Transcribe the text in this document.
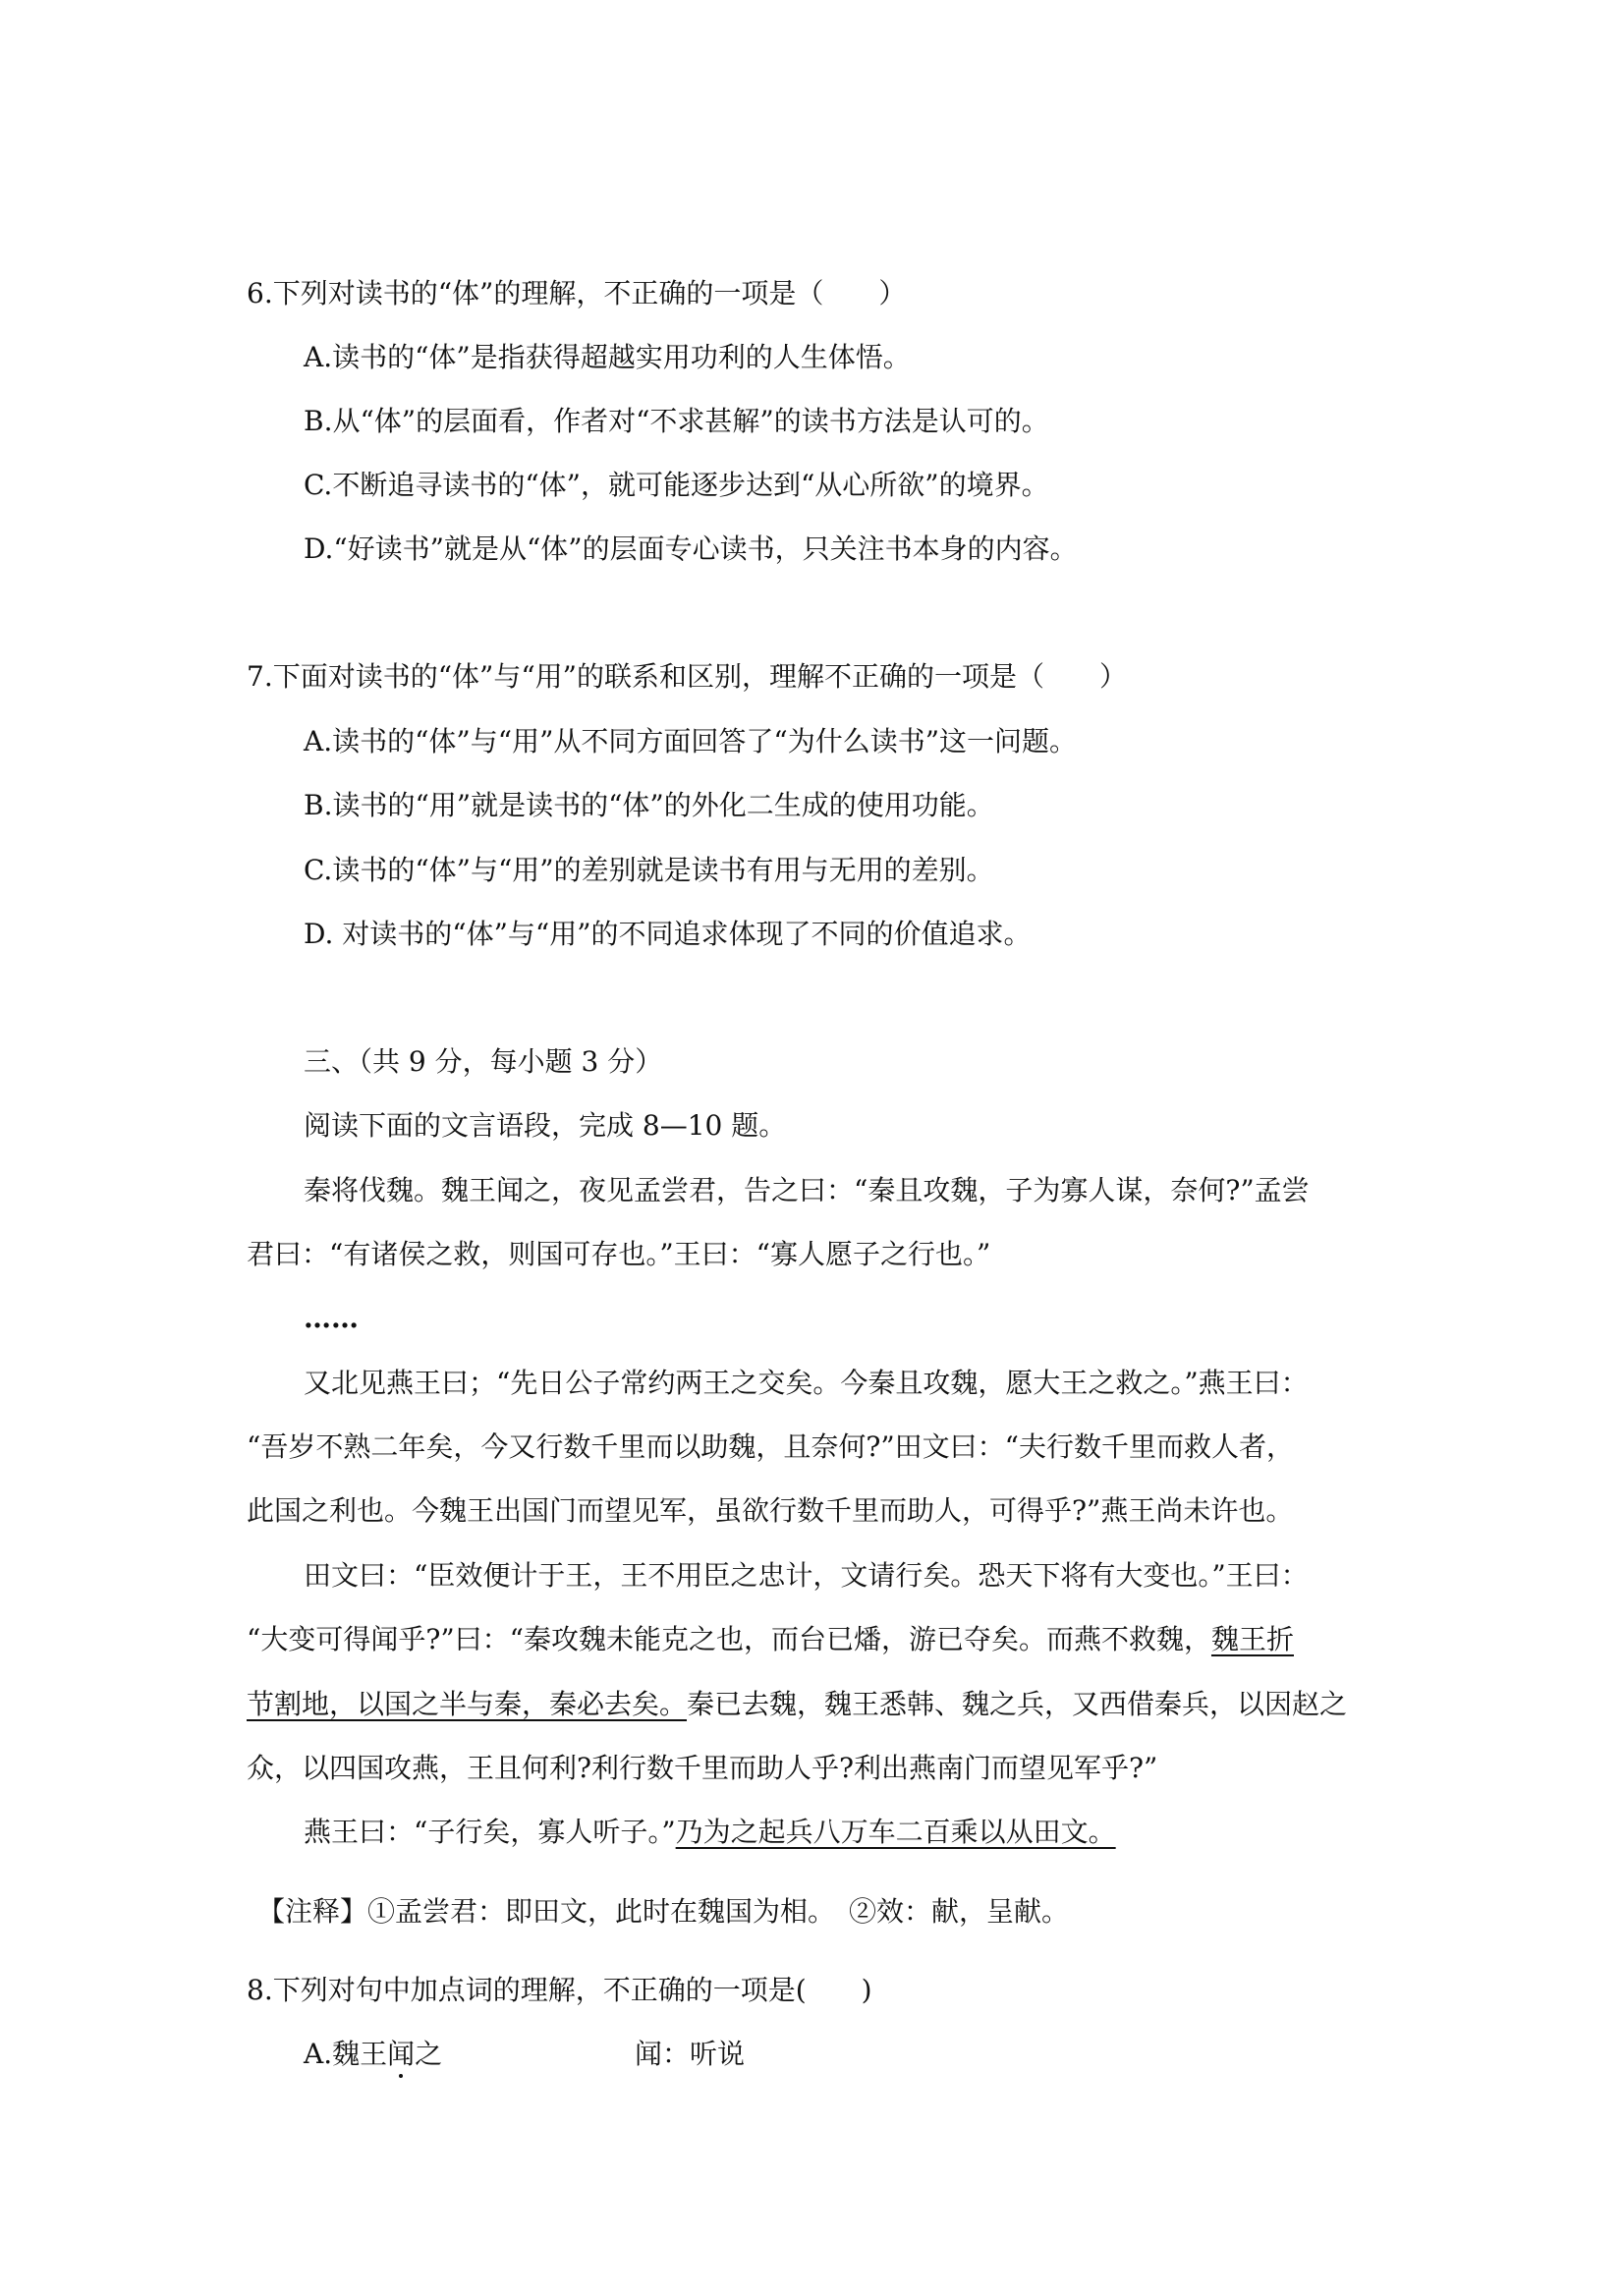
6.下列对读书的“体”的理解，不正确的一项是（　　）
A.读书的“体”是指获得超越实用功利的人生体悟。
B.从“体”的层面看，作者对“不求甚解”的读书方法是认可的。
C.不断追寻读书的“体”，就可能逐步达到“从心所欲”的境界。
D.“好读书”就是从“体”的层面专心读书，只关注书本身的内容。
7.下面对读书的“体”与“用”的联系和区别，理解不正确的一项是（　　）
A.读书的“体”与“用”从不同方面回答了“为什么读书”这一问题。
B.读书的“用”就是读书的“体”的外化二生成的使用功能。
C.读书的“体”与“用”的差别就是读书有用与无用的差别。
D. 对读书的“体”与“用”的不同追求体现了不同的价值追求。
三、（共 9 分，每小题 3 分）
阅读下面的文言语段，完成 8—10 题。
秦将伐魏。魏王闻之，夜见孟尝君，告之曰：“秦且攻魏，子为寡人谋，奈何?”孟尝
君曰：“有诸侯之救，则国可存也。”王曰：“寡人愿子之行也。”
……
又北见燕王曰；“先日公子常约两王之交矣。今秦且攻魏，愿大王之救之。”燕王曰：
“吾岁不熟二年矣，今又行数千里而以助魏，且奈何?”田文曰：“夫行数千里而救人者，
此国之利也。今魏王出国门而望见军，虽欲行数千里而助人，可得乎?”燕王尚未许也。
田文曰：“臣效便计于王，王不用臣之忠计，文请行矣。恐天下将有大变也。”王曰：
“大变可得闻乎?”曰：“秦攻魏未能克之也，而台已燔，游已夺矣。而燕不救魏，魏王折
节割地，以国之半与秦，秦必去矣。秦已去魏，魏王悉韩、魏之兵，又西借秦兵，以因赵之
众，以四国攻燕，王且何利?利行数千里而助人乎?利出燕南门而望见军乎?”
燕王曰：“子行矣，寡人听子。”乃为之起兵八万车二百乘以从田文。
【注释】①孟尝君：即田文，此时在魏国为相。　②效：献，呈献。
8.下列对句中加点词的理解，不正确的一项是(　　)
A.魏王闻之	闻：听说
